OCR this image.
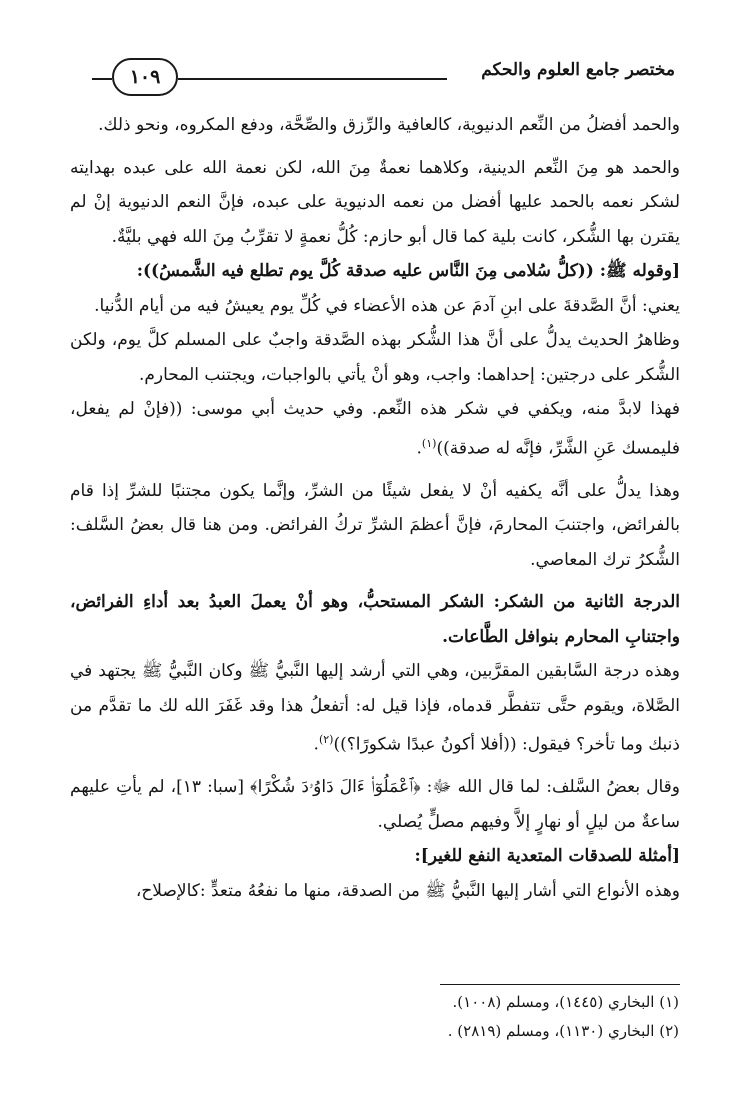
مختصر جامع العلوم والحكم
١٠٩

والحمد أفضلُ من النِّعم الدنيوية، كالعافية والرِّزق والصِّحَّة، ودفع المكروه، ونحو ذلك.

والحمد هو مِنَ النِّعم الدينية، وكلاهما نعمةٌ مِنَ الله، لكن نعمة الله على عبده بهدايته لشكر نعمه بالحمد عليها أفضل من نعمه الدنيوية على عبده، فإنَّ النعم الدنيوية إنْ لم يقترن بها الشُّكر، كانت بلية كما قال أبو حازم: كُلُّ نعمةٍ لا تقرِّبُ مِنَ الله فهي بليَّةٌ.

[وقوله ﷺ: ((كلُّ سُلامى مِنَ النَّاس عليه صدقة كُلَّ يوم تطلع فيه الشَّمسُ)):

يعني: أنَّ الصَّدقةَ على ابنِ آدمَ عن هذه الأعضاء في كُلِّ يوم يعيشُ فيه من أيام الدُّنيا.

وظاهرُ الحديث يدلُّ على أنَّ هذا الشُّكر بهذه الصَّدقة واجبٌ على المسلم كلَّ يوم، ولكن الشُّكر على درجتين: إحداهما: واجب، وهو أنْ يأتي بالواجبات، ويجتنب المحارم.

فهذا لابدَّ منه، ويكفي في شكر هذه النِّعم. وفي حديث أبي موسى: ((فإنْ لم يفعل، فليمسك عَنِ الشَّرِّ، فإنَّه له صدقة))$^{(١)}$.

وهذا يدلُّ على أنَّه يكفيه أنْ لا يفعل شيئًا من الشرِّ، وإنَّما يكون مجتنبًا للشرِّ إذا قام بالفرائض، واجتنبَ المحارمَ، فإنَّ أعظمَ الشرِّ تركُ الفرائض. ومن هنا قال بعضُ السَّلف: الشُّكرُ ترك المعاصي.

الدرجة الثانية من الشكر: الشكر المستحبُّ، وهو أنْ يعملَ العبدُ بعد أداءِ الفرائض، واجتنابِ المحارم بنوافل الطَّاعات.

وهذه درجة السَّابقين المقرَّبين، وهي التي أرشد إليها النَّبيُّ ﷺ وكان النَّبيُّ ﷺ يجتهد في الصَّلاة، ويقوم حتَّى تتفطَّر قدماه، فإذا قيل له: أتفعلُ هذا وقد غَفَرَ الله لك ما تقدَّم من ذنبك وما تأخر؟ فيقول: ((أفلا أكونُ عبدًا شكورًا؟))$^{(٢)}$.

وقال بعضُ السَّلف: لما قال الله ﷻ: ﴿ٱعْمَلُوٓا۟ ءَالَ دَاوُۥدَ شُكْرًا﴾ [سبا: ١٣]، لم يأتِ عليهم ساعةٌ من ليلٍ أو نهارٍ إلاَّ وفيهم مصلٍّ يُصلي.

[أمثلة للصدقات المتعدية النفع للغير]:

وهذه الأنواع التي أشار إليها النَّبيُّ ﷺ من الصدقة، منها ما نفعُهُ متعدٍّ :كالإصلاح،

(١) البخاري (١٤٤٥)، ومسلم (١٠٠٨).
(٢) البخاري (١١٣٠)، ومسلم (٢٨١٩) .
